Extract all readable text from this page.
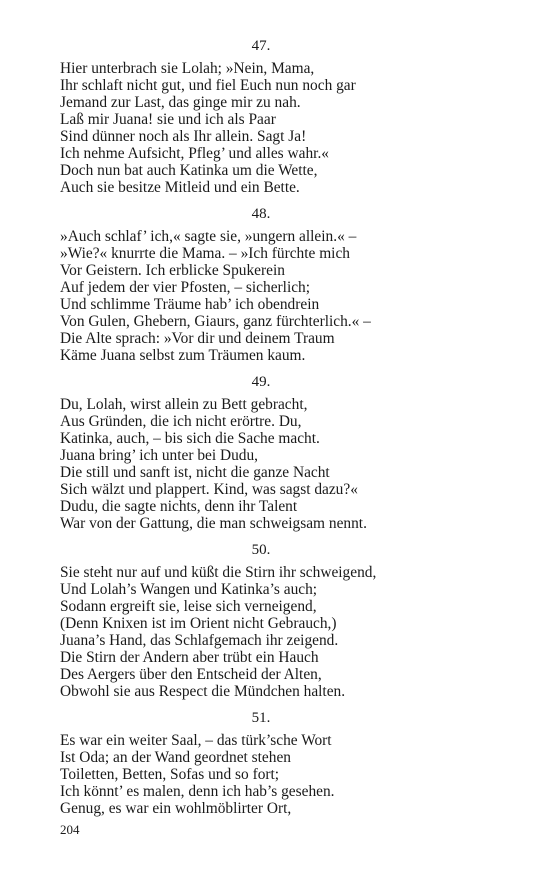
47.
Hier unterbrach sie Lolah; »Nein, Mama,
Ihr schlaft nicht gut, und fiel Euch nun noch gar
Jemand zur Last, das ginge mir zu nah.
Laß mir Juana! sie und ich als Paar
Sind dünner noch als Ihr allein. Sagt Ja!
Ich nehme Aufsicht, Pfleg’ und alles wahr.«
Doch nun bat auch Katinka um die Wette,
Auch sie besitze Mitleid und ein Bette.
48.
»Auch schlaf’ ich,« sagte sie, »ungern allein.« –
»Wie?« knurrte die Mama. – »Ich fürchte mich
Vor Geistern. Ich erblicke Spukerein
Auf jedem der vier Pfosten, – sicherlich;
Und schlimme Träume hab’ ich obendrein
Von Gulen, Ghebern, Giaurs, ganz fürchterlich.« –
Die Alte sprach: »Vor dir und deinem Traum
Käme Juana selbst zum Träumen kaum.
49.
Du, Lolah, wirst allein zu Bett gebracht,
Aus Gründen, die ich nicht erörtre. Du,
Katinka, auch, – bis sich die Sache macht.
Juana bring’ ich unter bei Dudu,
Die still und sanft ist, nicht die ganze Nacht
Sich wälzt und plappert. Kind, was sagst dazu?«
Dudu, die sagte nichts, denn ihr Talent
War von der Gattung, die man schweigsam nennt.
50.
Sie steht nur auf und küßt die Stirn ihr schweigend,
Und Lolah’s Wangen und Katinka’s auch;
Sodann ergreift sie, leise sich verneigend,
(Denn Knixen ist im Orient nicht Gebrauch,)
Juana’s Hand, das Schlafgemach ihr zeigend.
Die Stirn der Andern aber trübt ein Hauch
Des Aergers über den Entscheid der Alten,
Obwohl sie aus Respect die Mündchen halten.
51.
Es war ein weiter Saal, – das türk’sche Wort
Ist Oda; an der Wand geordnet stehen
Toiletten, Betten, Sofas und so fort;
Ich könnt’ es malen, denn ich hab’s gesehen.
Genug, es war ein wohlmöblirter Ort,
204
